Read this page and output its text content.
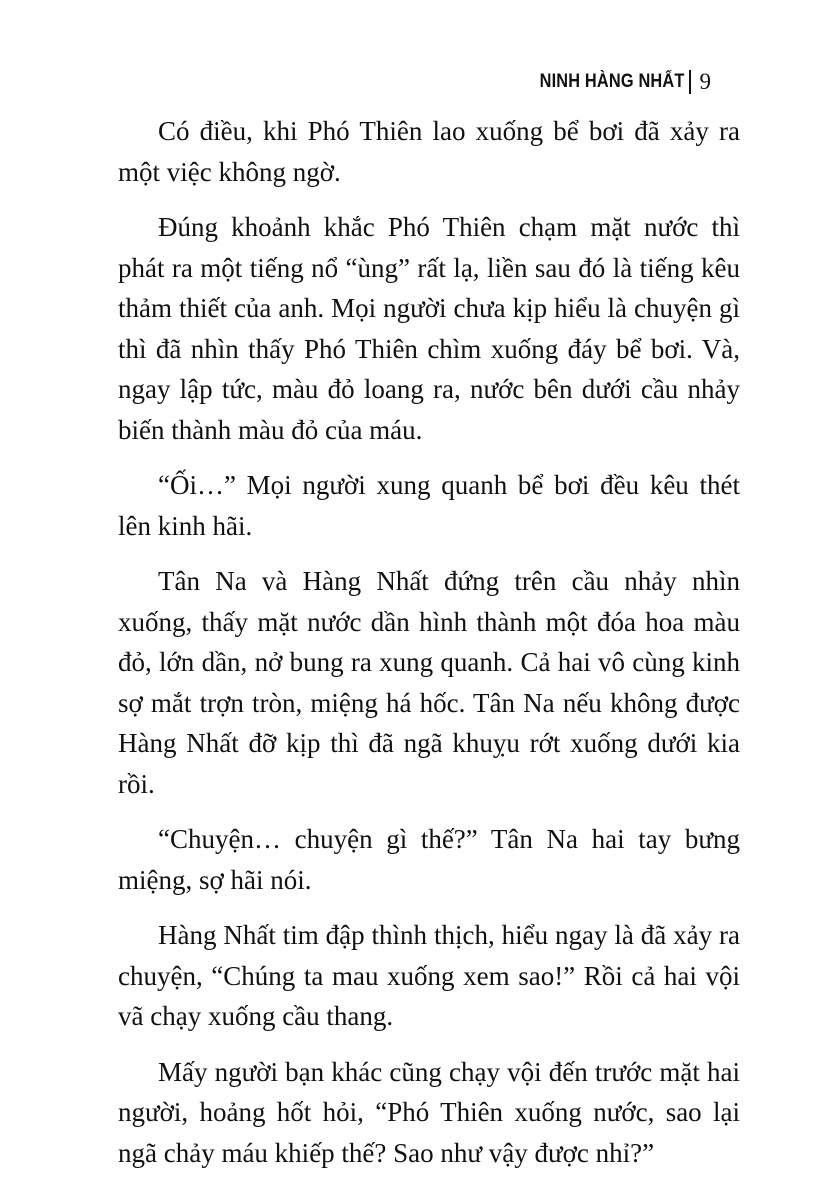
NINH HÀNG NHẤT 9

Có điều, khi Phó Thiên lao xuống bể bơi đã xảy ra một việc không ngờ.

Đúng khoảnh khắc Phó Thiên chạm mặt nước thì phát ra một tiếng nổ “ùng” rất lạ, liền sau đó là tiếng kêu thảm thiết của anh. Mọi người chưa kịp hiểu là chuyện gì thì đã nhìn thấy Phó Thiên chìm xuống đáy bể bơi. Và, ngay lập tức, màu đỏ loang ra, nước bên dưới cầu nhảy biến thành màu đỏ của máu.

“Ối…” Mọi người xung quanh bể bơi đều kêu thét lên kinh hãi.

Tân Na và Hàng Nhất đứng trên cầu nhảy nhìn xuống, thấy mặt nước dần hình thành một đóa hoa màu đỏ, lớn dần, nở bung ra xung quanh. Cả hai vô cùng kinh sợ mắt trợn tròn, miệng há hốc. Tân Na nếu không được Hàng Nhất đỡ kịp thì đã ngã khuỵu rớt xuống dưới kia rồi.

“Chuyện… chuyện gì thế?” Tân Na hai tay bưng miệng, sợ hãi nói.

Hàng Nhất tim đập thình thịch, hiểu ngay là đã xảy ra chuyện, “Chúng ta mau xuống xem sao!” Rồi cả hai vội vã chạy xuống cầu thang.

Mấy người bạn khác cũng chạy vội đến trước mặt hai người, hoảng hốt hỏi, “Phó Thiên xuống nước, sao lại ngã chảy máu khiếp thế? Sao như vậy được nhỉ?”
